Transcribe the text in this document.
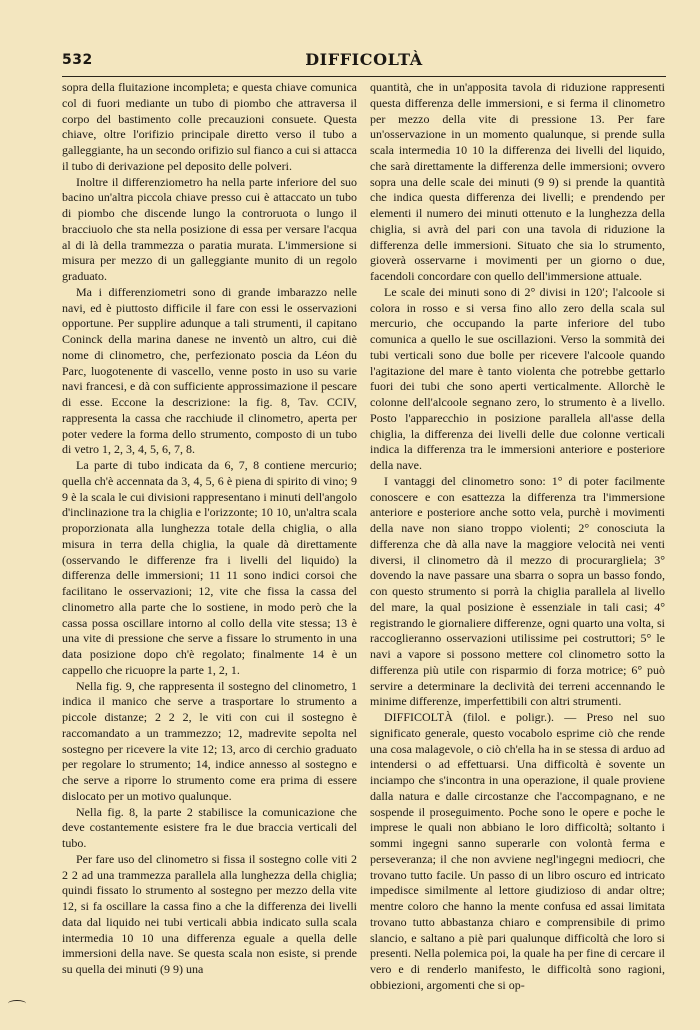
532	DIFFICOLTÀ

sopra della fluitazione incompleta; e questa chiave comunica col di fuori mediante un tubo di piombo che attraversa il corpo del bastimento colle precauzioni consuete. Questa chiave, oltre l'orifizio principale diretto verso il tubo a galleggiante, ha un secondo orifizio sul fianco a cui si attacca il tubo di derivazione pel deposito delle polveri.

Inoltre il differenziometro ha nella parte inferiore del suo bacino un'altra piccola chiave presso cui è attaccato un tubo di piombo che discende lungo la controruota o lungo il bracciuolo che sta nella posizione di essa per versare l'acqua al di là della trammezza o paratia murata. L'immersione si misura per mezzo di un galleggiante munito di un regolo graduato.

Ma i differenziometri sono di grande imbarazzo nelle navi, ed è piuttosto difficile il fare con essi le osservazioni opportune. Per supplire adunque a tali strumenti, il capitano Coninck della marina danese ne inventò un altro, cui diè nome di clinometro, che, perfezionato poscia da Léon du Parc, luogotenente di vascello, venne posto in uso su varie navi francesi, e dà con sufficiente approssimazione il pescare di esse. Eccone la descrizione: la fig. 8, Tav. CCIV, rappresenta la cassa che racchiude il clinometro, aperta per poter vedere la forma dello strumento, composto di un tubo di vetro 1, 2, 3, 4, 5, 6, 7, 8.

La parte di tubo indicata da 6, 7, 8 contiene mercurio; quella ch'è accennata da 3, 4, 5, 6 è piena di spirito di vino; 9 9 è la scala le cui divisioni rappresentano i minuti dell'angolo d'inclinazione tra la chiglia e l'orizzonte; 10 10, un'altra scala proporzionata alla lunghezza totale della chiglia, o alla misura in terra della chiglia, la quale dà direttamente (osservando le differenze fra i livelli del liquido) la differenza delle immersioni; 11 11 sono indici corsoi che facilitano le osservazioni; 12, vite che fissa la cassa del clinometro alla parte che lo sostiene, in modo però che la cassa possa oscillare intorno al collo della vite stessa; 13 è una vite di pressione che serve a fissare lo strumento in una data posizione dopo ch'è regolato; finalmente 14 è un cappello che ricuopre la parte 1, 2, 1.

Nella fig. 9, che rappresenta il sostegno del clinometro, 1 indica il manico che serve a trasportare lo strumento a piccole distanze; 2 2 2, le viti con cui il sostegno è raccomandato a un trammezzo; 12, madrevite sepolta nel sostegno per ricevere la vite 12; 13, arco di cerchio graduato per regolare lo strumento; 14, indice annesso al sostegno e che serve a riporre lo strumento come era prima di essere dislocato per un motivo qualunque.

Nella fig. 8, la parte 2 stabilisce la comunicazione che deve costantemente esistere fra le due braccia verticali del tubo.

Per fare uso del clinometro si fissa il sostegno colle viti 2 2 2 ad una trammezza parallela alla lunghezza della chiglia; quindi fissato lo strumento al sostegno per mezzo della vite 12, si fa oscillare la cassa fino a che la differenza dei livelli data dal liquido nei tubi verticali abbia indicato sulla scala intermedia 10 10 una differenza eguale a quella delle immersioni della nave. Se questa scala non esiste, si prende su quella dei minuti (9 9) una

quantità, che in un'apposita tavola di riduzione rappresenti questa differenza delle immersioni, e si ferma il clinometro per mezzo della vite di pressione 13. Per fare un'osservazione in un momento qualunque, si prende sulla scala intermedia 10 10 la differenza dei livelli del liquido, che sarà direttamente la differenza delle immersioni; ovvero sopra una delle scale dei minuti (9 9) si prende la quantità che indica questa differenza dei livelli; e prendendo per elementi il numero dei minuti ottenuto e la lunghezza della chiglia, si avrà del pari con una tavola di riduzione la differenza delle immersioni. Situato che sia lo strumento, gioverà osservarne i movimenti per un giorno o due, facendoli concordare con quello dell'immersione attuale.

Le scale dei minuti sono di 2° divisi in 120′; l'alcoole si colora in rosso e si versa fino allo zero della scala sul mercurio, che occupando la parte inferiore del tubo comunica a quello le sue oscillazioni. Verso la sommità dei tubi verticali sono due bolle per ricevere l'alcoole quando l'agitazione del mare è tanto violenta che potrebbe gettarlo fuori dei tubi che sono aperti verticalmente. Allorchè le colonne dell'alcoole segnano zero, lo strumento è a livello. Posto l'apparecchio in posizione parallela all'asse della chiglia, la differenza dei livelli delle due colonne verticali indica la differenza tra le immersioni anteriore e posteriore della nave.

I vantaggi del clinometro sono: 1° di poter facilmente conoscere e con esattezza la differenza tra l'immersione anteriore e posteriore anche sotto vela, purchè i movimenti della nave non siano troppo violenti; 2° conosciuta la differenza che dà alla nave la maggiore velocità nei venti diversi, il clinometro dà il mezzo di procurargliela; 3° dovendo la nave passare una sbarra o sopra un basso fondo, con questo strumento si porrà la chiglia parallela al livello del mare, la qual posizione è essenziale in tali casi; 4° registrando le giornaliere differenze, ogni quarto una volta, si raccoglieranno osservazioni utilissime pei costruttori; 5° le navi a vapore si possono mettere col clinometro sotto la differenza più utile con risparmio di forza motrice; 6° può servire a determinare la declività dei terreni accennando le minime differenze, imperfettibili con altri strumenti.

DIFFICOLTÀ (filol. e poligr.). — Preso nel suo significato generale, questo vocabolo esprime ciò che rende una cosa malagevole, o ciò ch'ella ha in se stessa di arduo ad intendersi o ad effettuarsi. Una difficoltà è sovente un inciampo che s'incontra in una operazione, il quale proviene dalla natura e dalle circostanze che l'accompagnano, e ne sospende il proseguimento. Poche sono le opere e poche le imprese le quali non abbiano le loro difficoltà; soltanto i sommi ingegni sanno superarle con volontà ferma e perseveranza; il che non avviene negl'ingegni mediocri, che trovano tutto facile. Un passo di un libro oscuro ed intricato impedisce similmente al lettore giudizioso di andar oltre; mentre coloro che hanno la mente confusa ed assai limitata trovano tutto abbastanza chiaro e comprensibile di primo slancio, e saltano a piè pari qualunque difficoltà che loro si presenti. Nella polemica poi, la quale ha per fine di cercare il vero e di renderlo manifesto, le difficoltà sono ragioni, obbiezioni, argomenti che si op-
